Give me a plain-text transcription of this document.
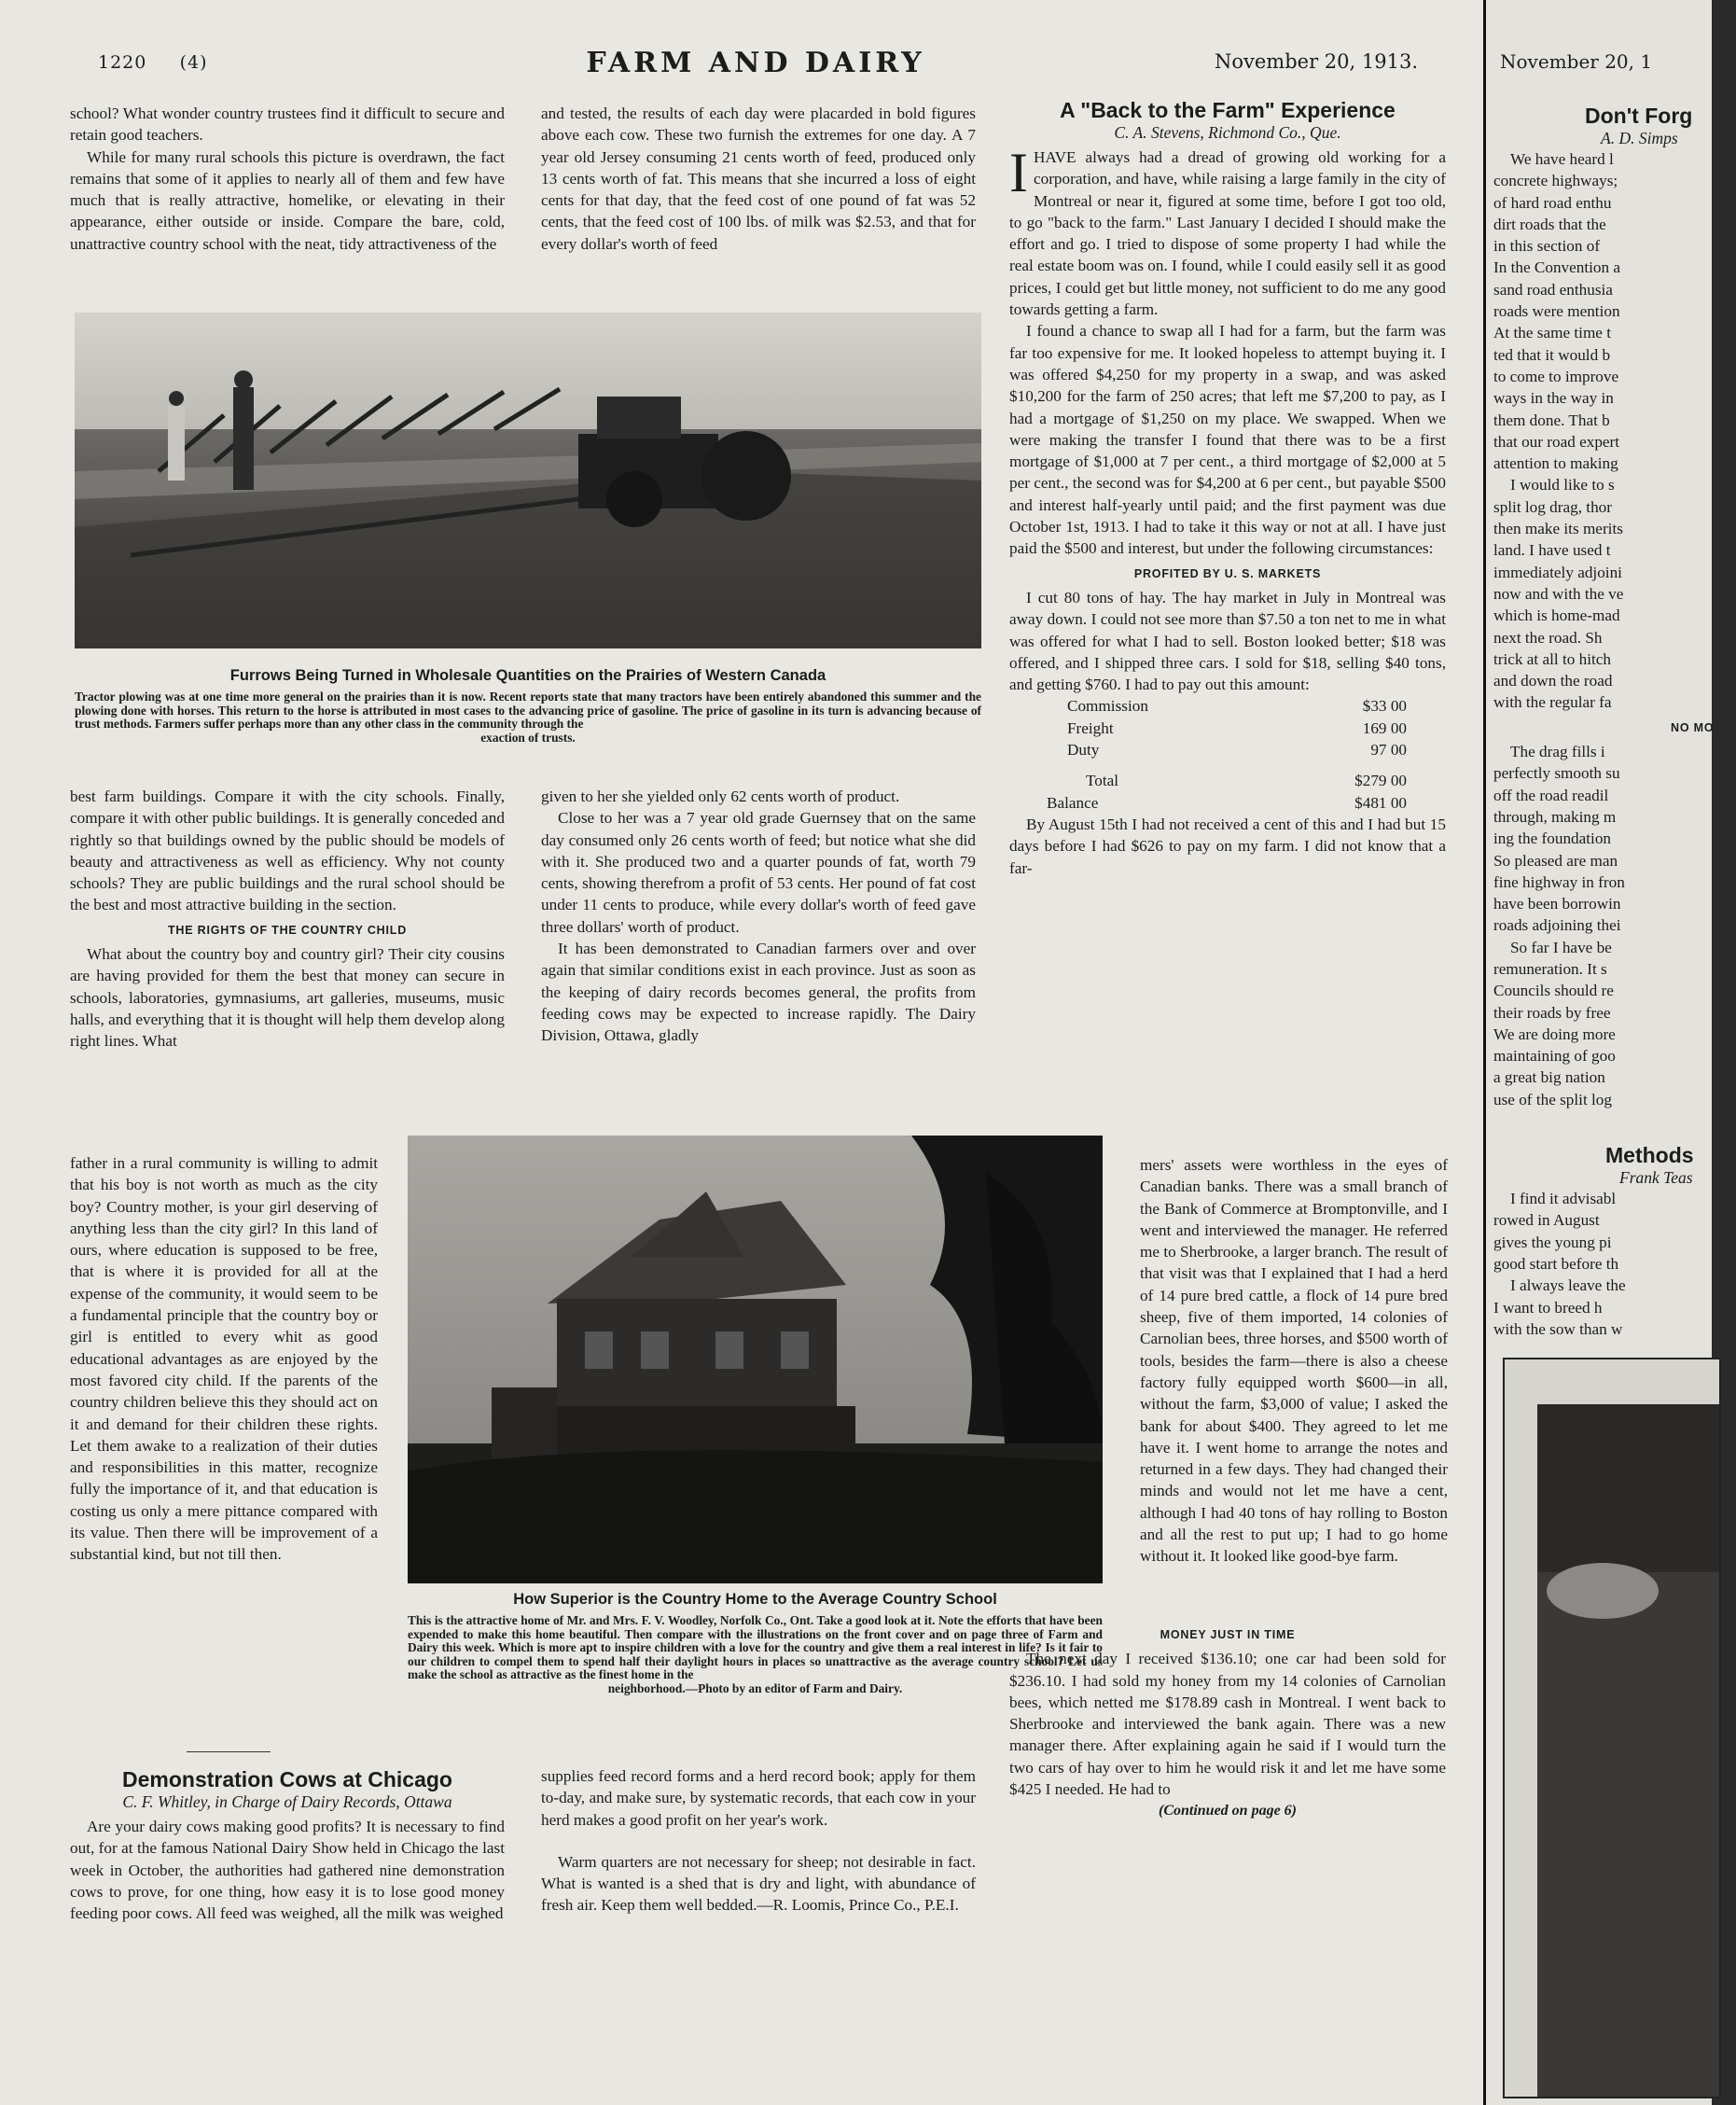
1220 (4)	FARM AND DAIRY	November 20, 1913.

school? What wonder country trustees find it difficult to secure and retain good teachers.

While for many rural schools this picture is overdrawn, the fact remains that some of it applies to nearly all of them and few have much that is really attractive, homelike, or elevating in their appearance, either outside or inside. Compare the bare, cold, unattractive country school with the neat, tidy attractiveness of the

and tested, the results of each day were placarded in bold figures above each cow. These two furnish the extremes for one day. A 7 year old Jersey consuming 21 cents worth of feed, produced only 13 cents worth of fat. This means that she incurred a loss of eight cents for that day, that the feed cost of one pound of fat was 52 cents, that the feed cost of 100 lbs. of milk was $2.53, and that for every dollar's worth of feed

Furrows Being Turned in Wholesale Quantities on the Prairies of Western Canada
Tractor plowing was at one time more general on the prairies than it is now. Recent reports state that many tractors have been entirely abandoned this summer and the plowing done with horses. This return to the horse is attributed in most cases to the advancing price of gasoline. The price of gasoline in its turn is advancing because of trust methods. Farmers suffer perhaps more than any other class in the community through the
exaction of trusts.

best farm buildings. Compare it with the city schools. Finally, compare it with other public buildings. It is generally conceded and rightly so that buildings owned by the public should be models of beauty and attractiveness as well as efficiency. Why not county schools? They are public buildings and the rural school should be the best and most attractive building in the section.

THE RIGHTS OF THE COUNTRY CHILD

What about the country boy and country girl? Their city cousins are having provided for them the best that money can secure in schools, laboratories, gymnasiums, art galleries, museums, music halls, and everything that it is thought will help them develop along right lines. What

father in a rural community is willing to admit that his boy is not worth as much as the city boy? Country mother, is your girl deserving of anything less than the city girl? In this land of ours, where education is supposed to be free, that is where it is provided for all at the expense of the community, it would seem to be a fundamental principle that the country boy or girl is entitled to every whit as good educational advantages as are enjoyed by the most favored city child. If the parents of the country children believe this they should act on it and demand for their children these rights. Let them awake to a realization of their duties and responsibilities in this matter, recognize fully the importance of it, and that education is costing us only a mere pittance compared with its value. Then there will be improvement of a substantial kind, but not till then.

given to her she yielded only 62 cents worth of product.

Close to her was a 7 year old grade Guernsey that on the same day consumed only 26 cents worth of feed; but notice what she did with it. She produced two and a quarter pounds of fat, worth 79 cents, showing therefrom a profit of 53 cents. Her pound of fat cost under 11 cents to produce, while every dollar's worth of feed gave three dollars' worth of product.

It has been demonstrated to Canadian farmers over and over again that similar conditions exist in each province. Just as soon as the keeping of dairy records becomes general, the profits from feeding cows may be expected to increase rapidly. The Dairy Division, Ottawa, gladly

How Superior is the Country Home to the Average Country School
This is the attractive home of Mr. and Mrs. F. V. Woodley, Norfolk Co., Ont. Take a good look at it. Note the efforts that have been expended to make this home beautiful. Then compare with the illustrations on the front cover and on page three of Farm and Dairy this week. Which is more apt to inspire children with a love for the country and give them a real interest in life? Is it fair to our children to compel them to spend half their daylight hours in places so unattractive as the average country school? Let us make the school as attractive as the finest home in the
neighborhood.—Photo by an editor of Farm and Dairy.
Demonstration Cows at Chicago
C. F. Whitley, in Charge of Dairy Records, Ottawa

Are your dairy cows making good profits? It is necessary to find out, for at the famous National Dairy Show held in Chicago the last week in October, the authorities had gathered nine demonstration cows to prove, for one thing, how easy it is to lose good money feeding poor cows. All feed was weighed, all the milk was weighed

supplies feed record forms and a herd record book; apply for them to-day, and make sure, by systematic records, that each cow in your herd makes a good profit on her year's work.

Warm quarters are not necessary for sheep; not desirable in fact. What is wanted is a shed that is dry and light, with abundance of fresh air. Keep them well bedded.—R. Loomis, Prince Co., P.E.I.

A "Back to the Farm" Experience
C. A. Stevens, Richmond Co., Que.

IHAVE always had a dread of growing old working for a corporation, and have, while raising a large family in the city of Montreal or near it, figured at some time, before I got too old, to go "back to the farm." Last January I decided I should make the effort and go. I tried to dispose of some property I had while the real estate boom was on. I found, while I could easily sell it as good prices, I could get but little money, not sufficient to do me any good towards getting a farm.

I found a chance to swap all I had for a farm, but the farm was far too expensive for me. It looked hopeless to attempt buying it. I was offered $4,250 for my property in a swap, and was asked $10,200 for the farm of 250 acres; that left me $7,200 to pay, as I had a mortgage of $1,250 on my place. We swapped. When we were making the transfer I found that there was to be a first mortgage of $1,000 at 7 per cent., a third mortgage of $2,000 at 5 per cent., the second was for $4,200 at 6 per cent., but payable $500 and interest half-yearly until paid; and the first payment was due October 1st, 1913. I had to take it this way or not at all. I have just paid the $500 and interest, but under the following circumstances:

PROFITED BY U. S. MARKETS

I cut 80 tons of hay. The hay market in July in Montreal was away down. I could not see more than $7.50 a ton net to me in what was offered for what I had to sell. Boston looked better; $18 was offered, and I shipped three cars. I sold for $18, selling $40 tons, and getting $760. I had to pay out this amount:

Commission	$33 00
Freight	169 00
Duty	97 00
Total	$279 00
Balance	$481 00

By August 15th I had not received a cent of this and I had but 15 days before I had $626 to pay on my farm. I did not know that a far-

mers' assets were worthless in the eyes of Canadian banks. There was a small branch of the Bank of Commerce at Bromptonville, and I went and interviewed the manager. He referred me to Sherbrooke, a larger branch. The result of that visit was that I explained that I had a herd of 14 pure bred cattle, a flock of 14 pure bred sheep, five of them imported, 14 colonies of Carnolian bees, three horses, and $500 worth of tools, besides the farm—there is also a cheese factory fully equipped worth $600—in all, without the farm, $3,000 of value; I asked the bank for about $400. They agreed to let me have it. I went home to arrange the notes and returned in a few days. They had changed their minds and would not let me have a cent, although I had 40 tons of hay rolling to Boston and all the rest to put up; I had to go home without it. It looked like good-bye farm.

MONEY JUST IN TIME

The next day I received $136.10; one car had been sold for $236.10. I had sold my honey from my 14 colonies of Carnolian bees, which netted me $178.89 cash in Montreal. I went back to Sherbrooke and interviewed the bank again. There was a new manager there. After explaining again he said if I would turn the two cars of hay over to him he would risk it and let me have some $425 I needed. He had to

(Continued on page 6)
November 20, 1
Don't Forg
A. D. Simps
We have heard l
concrete highways;
of hard road enthu
dirt roads that the
in this section of
In the Convention a
sand road enthusia
roads were mention
At the same time t
ted that it would b
to come to improve
ways in the way in
them done. That b
that our road expert
attention to making
I would like to s
split log drag, thor
then make its merits
land. I have used t
immediately adjoini
now and with the ve
which is home-mad
next the road. Sh
trick at all to hitch
and down the road
with the regular fa
NO MO
The drag fills i
perfectly smooth su
off the road readil
through, making m
ing the foundation
So pleased are man
fine highway in fron
have been borrowin
roads adjoining thei
So far I have be
remuneration. It s
Councils should re
their roads by free
We are doing more
maintaining of goo
a great big nation
use of the split log
Methods
Frank Teas
I find it advisabl
rowed in August
gives the young pi
good start before th
I always leave the
I want to breed h
with the sow than w
